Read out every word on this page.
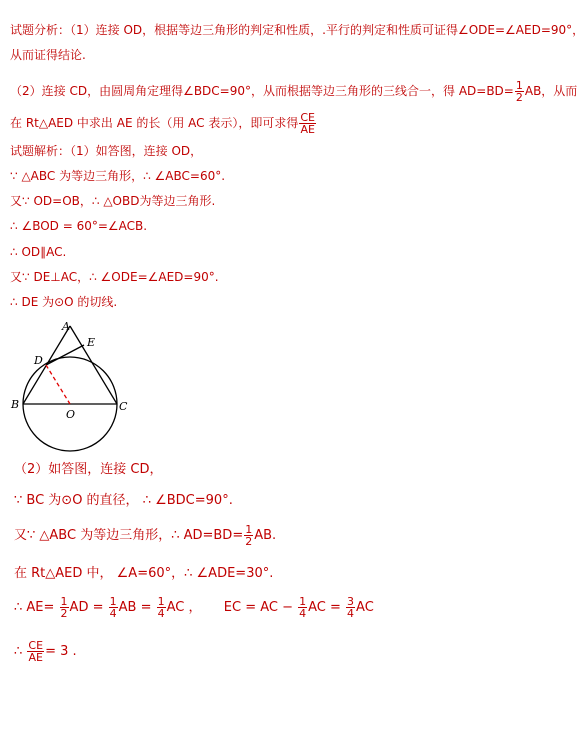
试题分析：（1）连接 OD，根据等边三角形的判定和性质，.平行的判定和性质可证得∠ODE=∠AED=90°，
从而证得结论.
（2）连接 CD，由圆周角定理得∠BDC=90°，从而根据等边三角形的三线合一，得 $AD=BD= \frac{1}{2}$ AB，从而
在 Rt△AED 中求出 AE 的长（用 AC 表示），即可求得 $\frac{CE}{AE}$
试题解析：（1）如答图，连接 OD，
∵ △ABC 为等边三角形，∴ ∠ABC=60°.
又∵ OD=OB，∴ △OBD为等边三角形.
∴ ∠BOD = 60°=∠ACB.
∴ OD∥AC.
又∵ DE⊥AC，∴ ∠ODE=∠AED=90°.
∴ DE 为⊙O 的切线.
A
E
D
B
O
C
（2）如答图，连接 CD，
∵ BC 为⊙O 的直径， ∴ ∠BDC=90°.
又∵ △ABC 为等边三角形，∴ $AD=BD= \frac{1}{2}$ AB.
在 Rt△AED 中， ∠A=60°，∴ ∠ADE=30°.
∴ $AE= \frac{1}{2}$ AD = $\frac{1}{4}$ AB = $\frac{1}{4}$ AC ， EC = AC − $\frac{1}{4}$ AC = $\frac{3}{4}$ AC
∴ $\frac{CE}{AE} = 3$ .
